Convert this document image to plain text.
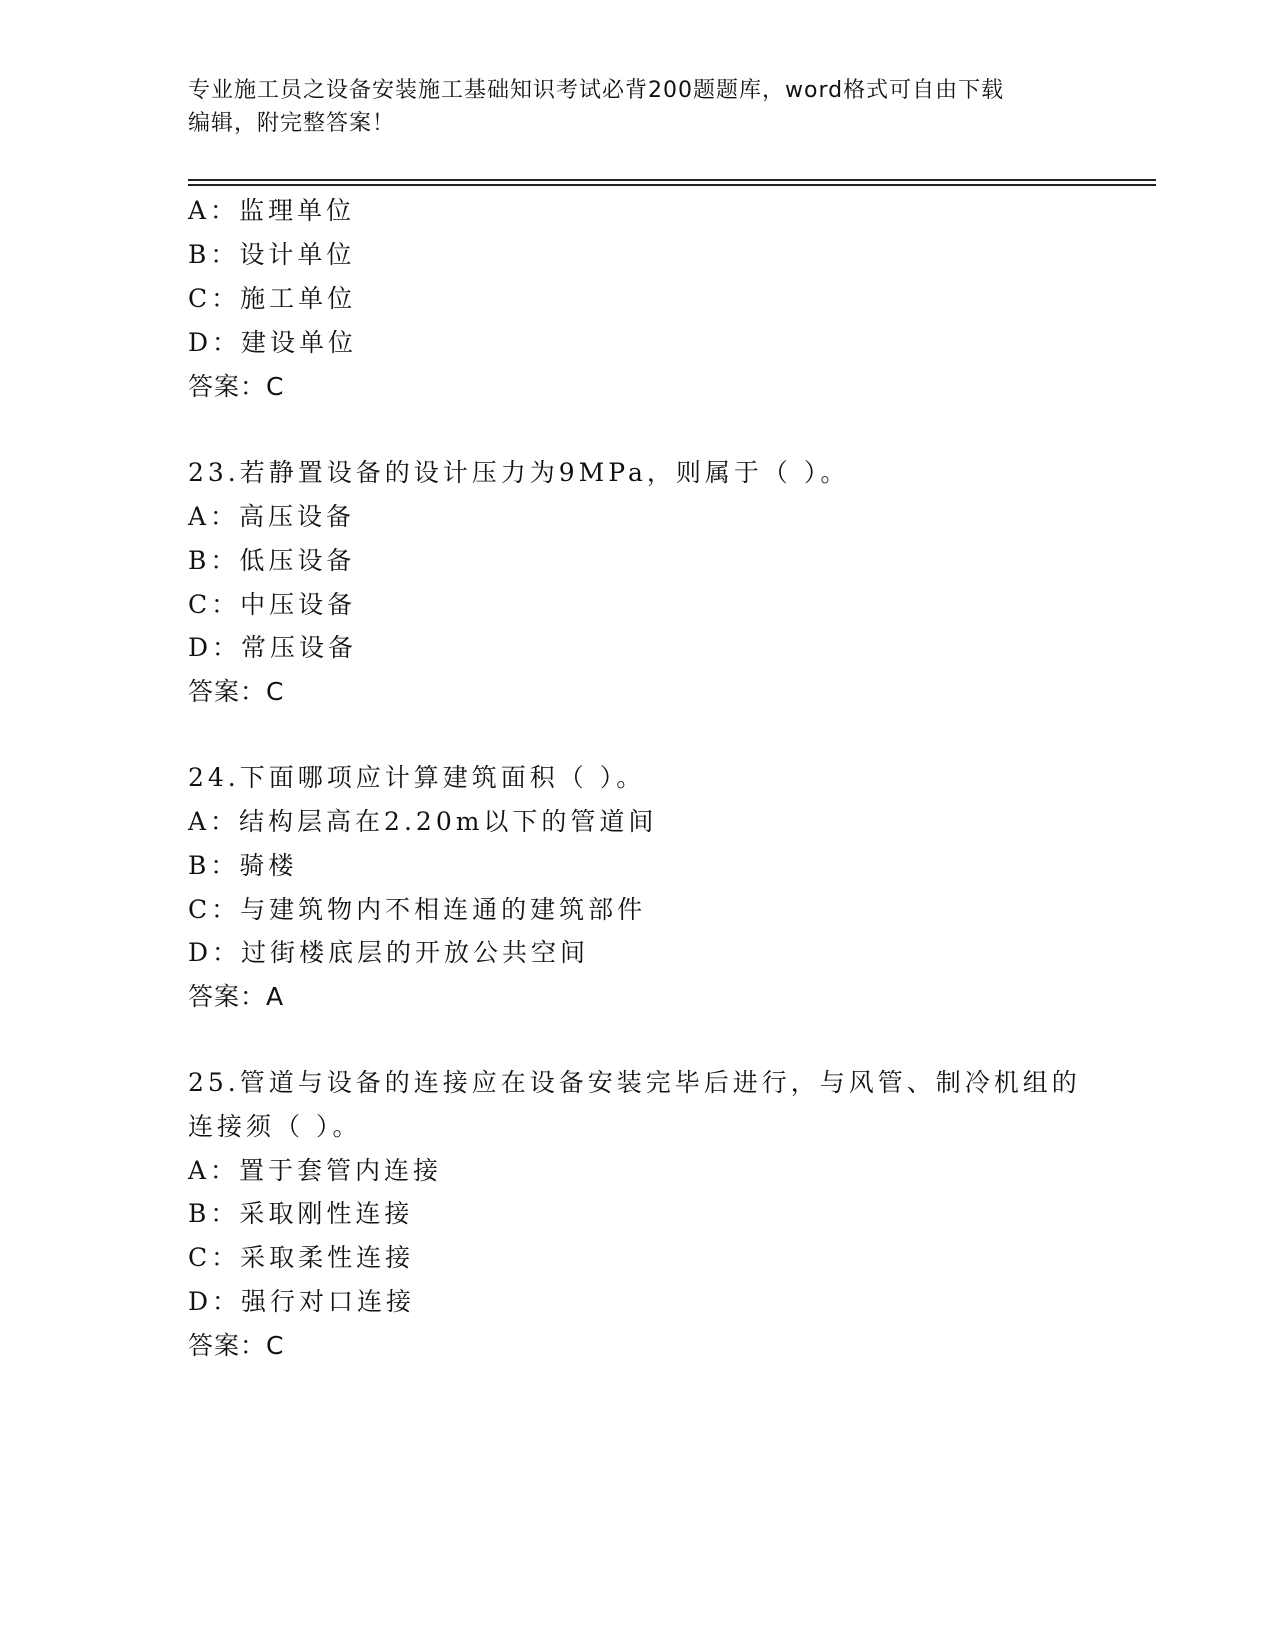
专业施工员之设备安装施工基础知识考试必背200题题库，word格式可自由下载
编辑，附完整答案！
A：监理单位
B：设计单位
C：施工单位
D：建设单位
答案：C
23.若静置设备的设计压力为9MPa，则属于（ ）。
A：高压设备
B：低压设备
C：中压设备
D：常压设备
答案：C
24.下面哪项应计算建筑面积（ ）。
A：结构层高在2.20m以下的管道间
B：骑楼
C：与建筑物内不相连通的建筑部件
D：过街楼底层的开放公共空间
答案：A
25.管道与设备的连接应在设备安装完毕后进行，与风管、制冷机组的
连接须（ ）。
A：置于套管内连接
B：采取刚性连接
C：采取柔性连接
D：强行对口连接
答案：C
